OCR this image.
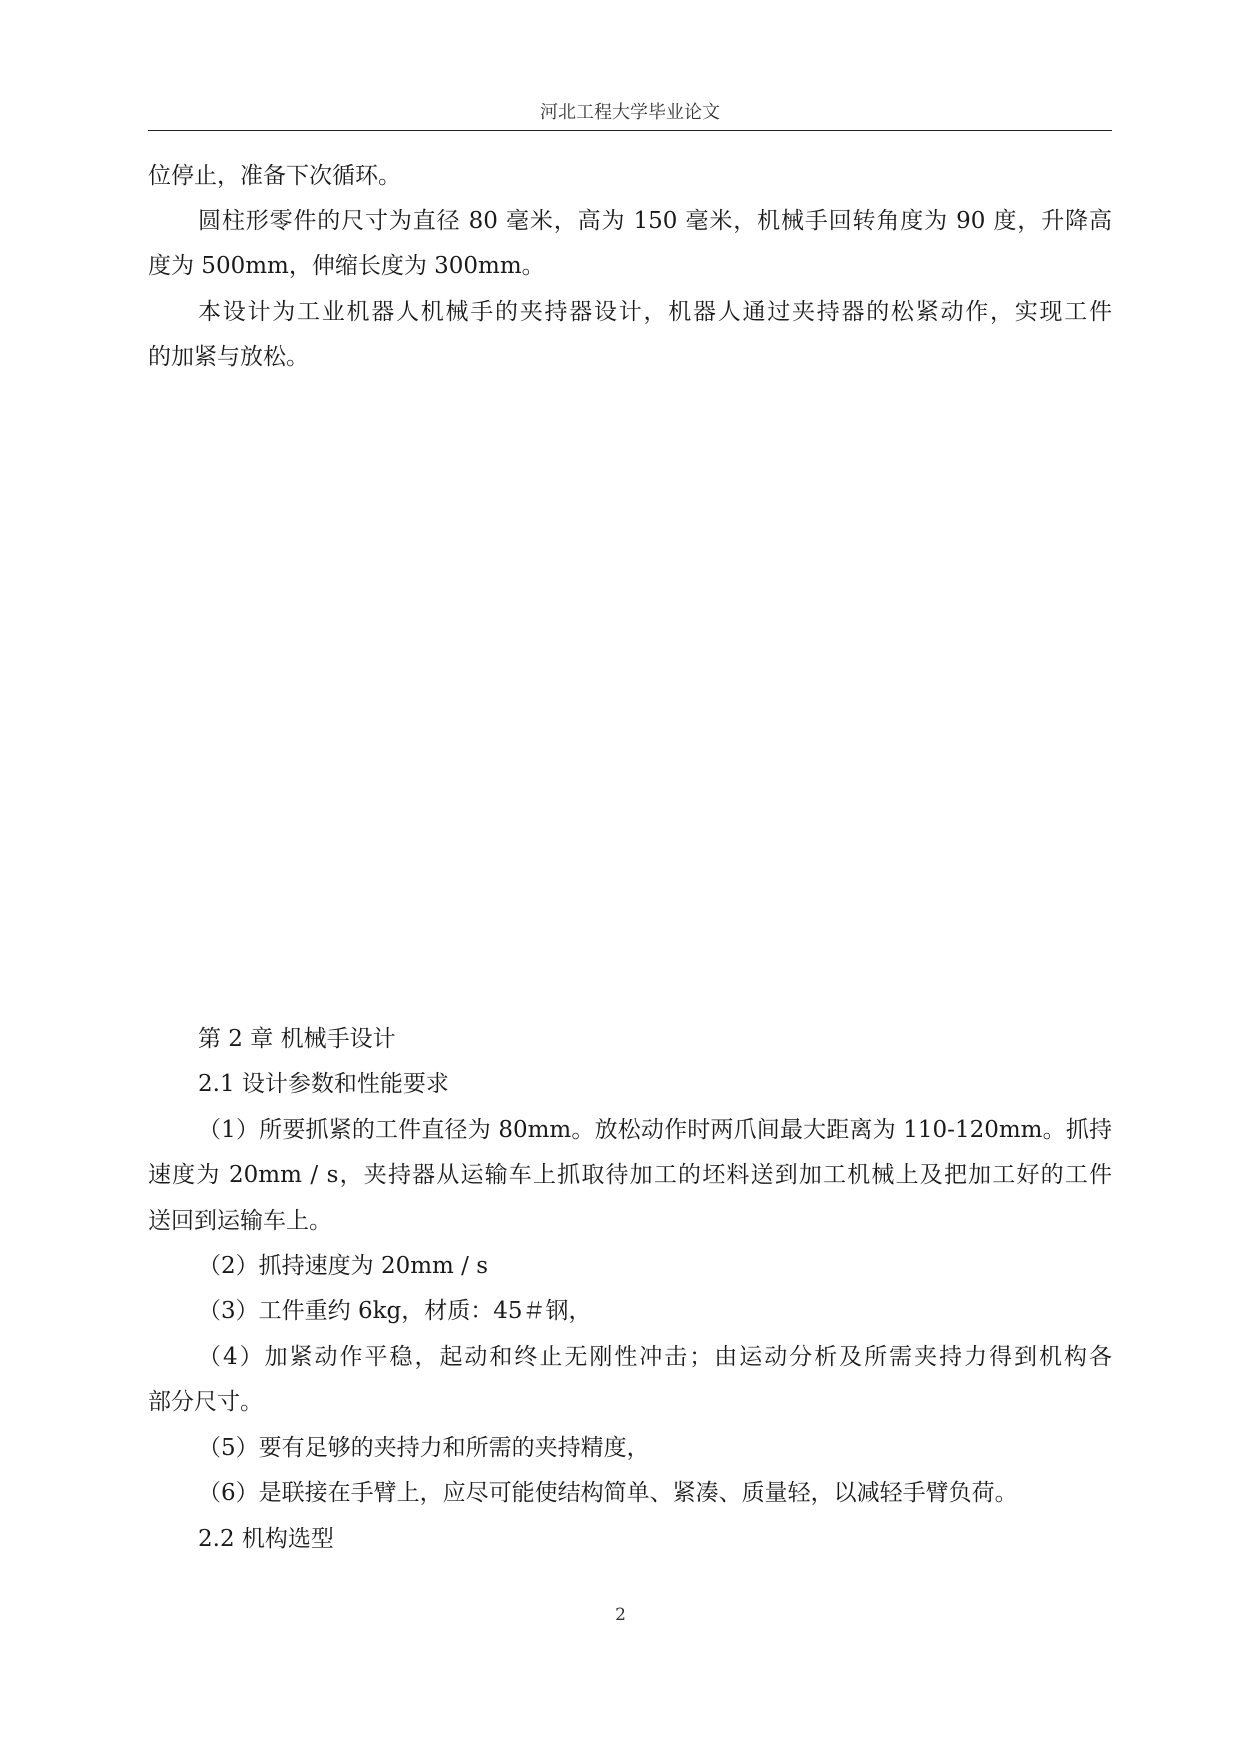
河北工程大学毕业论文
位停止，准备下次循环。
圆柱形零件的尺寸为直径 80 毫米，高为 150 毫米，机械手回转角度为 90 度，升降高
度为 500mm，伸缩长度为 300mm。
本设计为工业机器人机械手的夹持器设计，机器人通过夹持器的松紧动作，实现工件
的加紧与放松。
第 2 章 机械手设计
2.1 设计参数和性能要求
（1）所要抓紧的工件直径为 80mm。放松动作时两爪间最大距离为 110-120mm。抓持
速度为 20mm / s，夹持器从运输车上抓取待加工的坯料送到加工机械上及把加工好的工件
送回到运输车上。
（2）抓持速度为 20mm / s
（3）工件重约 6kg，材质：45＃钢，
（4）加紧动作平稳，起动和终止无刚性冲击；由运动分析及所需夹持力得到机构各
部分尺寸。
（5）要有足够的夹持力和所需的夹持精度，
（6）是联接在手臂上，应尽可能使结构简单、紧凑、质量轻，以减轻手臂负荷。
2.2 机构选型
2
